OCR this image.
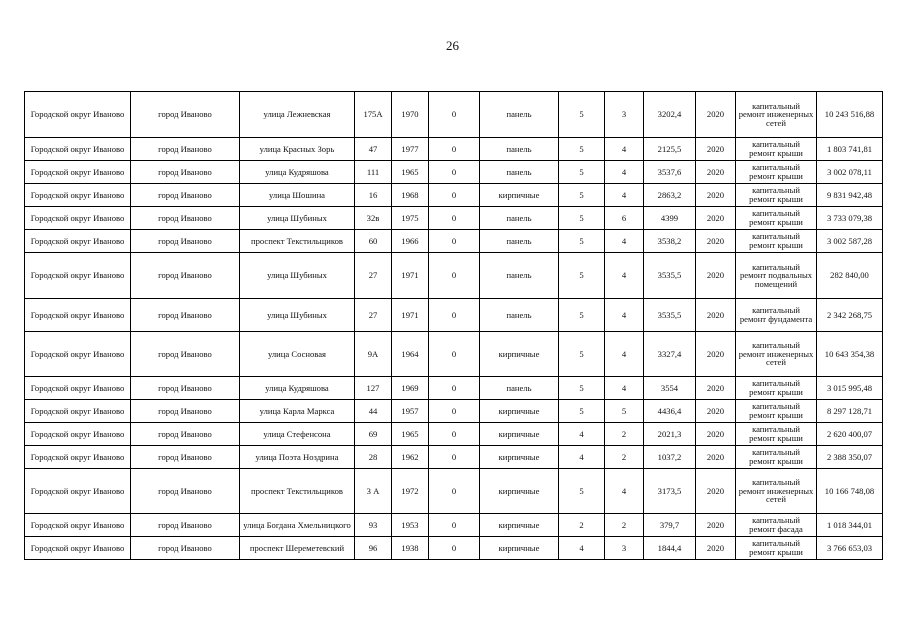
26
Городской округ Иваново	город Иваново	улица Лежневская	175А	1970	0	панель	5	3	3202,4	2020	капитальный ремонт инженерных сетей	10 243 516,88
Городской округ Иваново	город Иваново	улица Красных Зорь	47	1977	0	панель	5	4	2125,5	2020	капитальный ремонт крыши	1 803 741,81
Городской округ Иваново	город Иваново	улица Кудряшова	111	1965	0	панель	5	4	3537,6	2020	капитальный ремонт крыши	3 002 078,11
Городской округ Иваново	город Иваново	улица Шошина	16	1968	0	кирпичные	5	4	2863,2	2020	капитальный ремонт крыши	9 831 942,48
Городской округ Иваново	город Иваново	улица Шубиных	32в	1975	0	панель	5	6	4399	2020	капитальный ремонт крыши	3 733 079,38
Городской округ Иваново	город Иваново	проспект Текстильщиков	60	1966	0	панель	5	4	3538,2	2020	капитальный ремонт крыши	3 002 587,28
Городской округ Иваново	город Иваново	улица Шубиных	27	1971	0	панель	5	4	3535,5	2020	капитальный ремонт подвальных помещений	282 840,00
Городской округ Иваново	город Иваново	улица Шубиных	27	1971	0	панель	5	4	3535,5	2020	капитальный ремонт фундамента	2 342 268,75
Городской округ Иваново	город Иваново	улица Сосновая	9А	1964	0	кирпичные	5	4	3327,4	2020	капитальный ремонт инженерных сетей	10 643 354,38
Городской округ Иваново	город Иваново	улица Кудряшова	127	1969	0	панель	5	4	3554	2020	капитальный ремонт крыши	3 015 995,48
Городской округ Иваново	город Иваново	улица Карла Маркса	44	1957	0	кирпичные	5	5	4436,4	2020	капитальный ремонт крыши	8 297 128,71
Городской округ Иваново	город Иваново	улица Стефенсона	69	1965	0	кирпичные	4	2	2021,3	2020	капитальный ремонт крыши	2 620 400,07
Городской округ Иваново	город Иваново	улица Поэта Ноздрина	28	1962	0	кирпичные	4	2	1037,2	2020	капитальный ремонт крыши	2 388 350,07
Городской округ Иваново	город Иваново	проспект Текстильщиков	3 А	1972	0	кирпичные	5	4	3173,5	2020	капитальный ремонт инженерных сетей	10 166 748,08
Городской округ Иваново	город Иваново	улица Богдана Хмельницкого	93	1953	0	кирпичные	2	2	379,7	2020	капитальный ремонт фасада	1 018 344,01
Городской округ Иваново	город Иваново	проспект Шереметевский	96	1938	0	кирпичные	4	3	1844,4	2020	капитальный ремонт крыши	3 766 653,03
